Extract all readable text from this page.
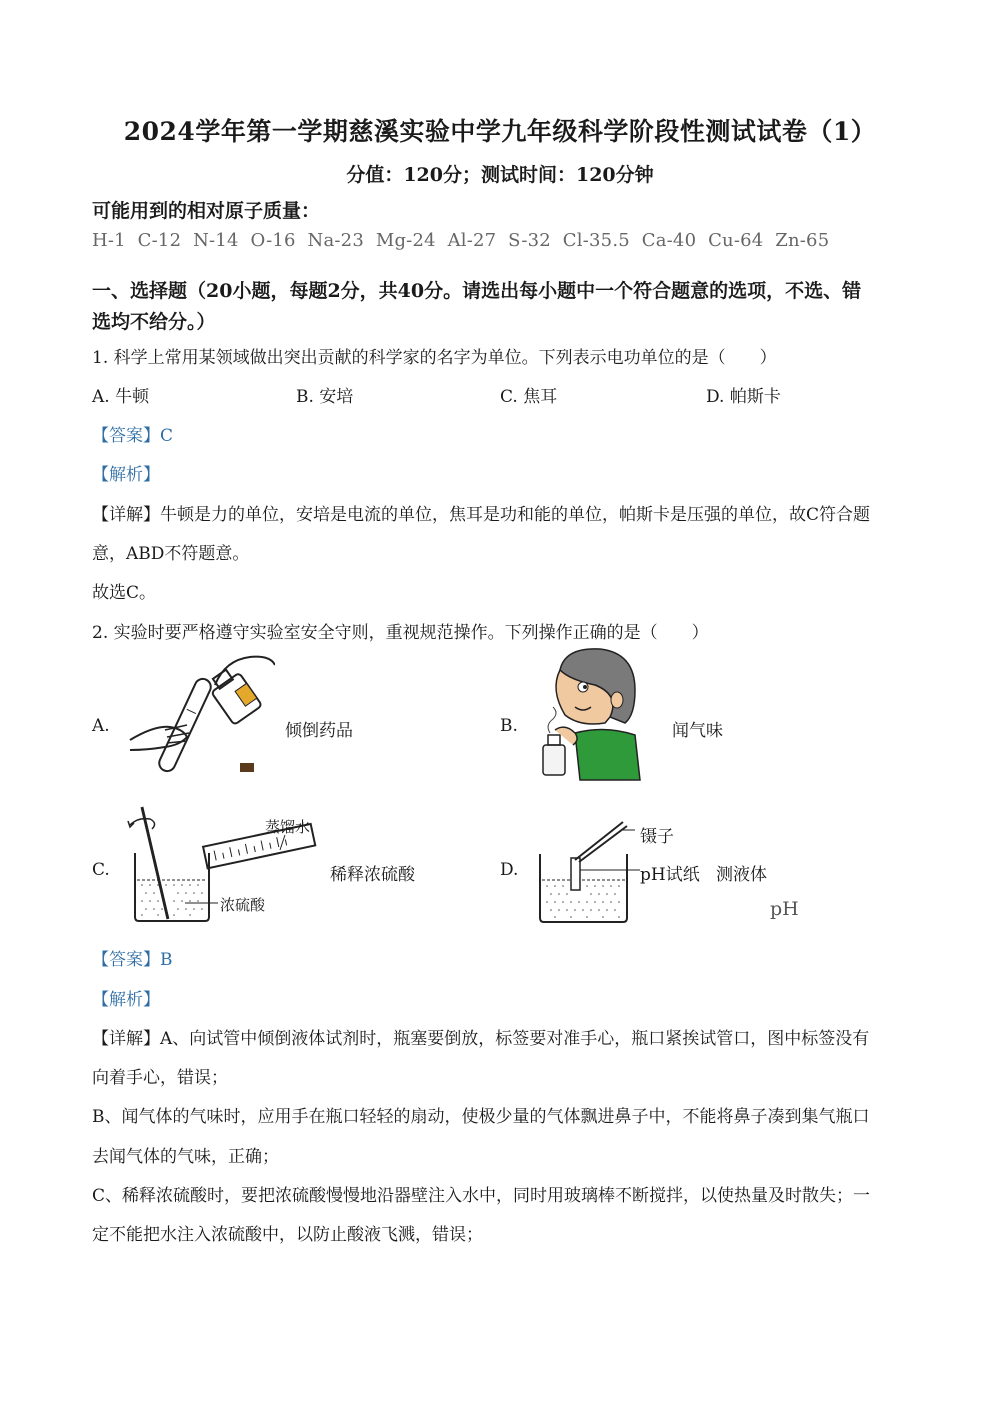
2024学年第一学期慈溪实验中学九年级科学阶段性测试试卷（1）
分值：120分；测试时间：120分钟
可能用到的相对原子质量：
H-1  C-12  N-14  O-16  Na-23  Mg-24  Al-27  S-32  Cl-35.5  Ca-40  Cu-64  Zn-65
一、选择题（20小题，每题2分，共40分。请选出每小题中一个符合题意的选项，不选、错
选均不给分。）
1. 科学上常用某领域做出突出贡献的科学家的名字为单位。下列表示电功单位的是（　　）
A. 牛顿	B. 安培	C. 焦耳	D. 帕斯卡
【答案】C
【解析】
【详解】牛顿是力的单位，安培是电流的单位，焦耳是功和能的单位，帕斯卡是压强的单位，故C符合题
意，ABD不符题意。
故选C。
2. 实验时要严格遵守实验室安全守则，重视规范操作。下列操作正确的是（　　）
A.	倾倒药品	B.	闻气味
C.
蒸馏水
浓硫酸
稀释浓硫酸	D.
镊子
pH试纸 测液体
pH
【答案】B
【解析】
【详解】A、向试管中倾倒液体试剂时，瓶塞要倒放，标签要对准手心，瓶口紧挨试管口，图中标签没有
向着手心，错误；
B、闻气体的气味时，应用手在瓶口轻轻的扇动，使极少量的气体飘进鼻子中，不能将鼻子凑到集气瓶口
去闻气体的气味，正确；
C、稀释浓硫酸时，要把浓硫酸慢慢地沿器壁注入水中，同时用玻璃棒不断搅拌，以使热量及时散失；一
定不能把水注入浓硫酸中，以防止酸液飞溅，错误；
